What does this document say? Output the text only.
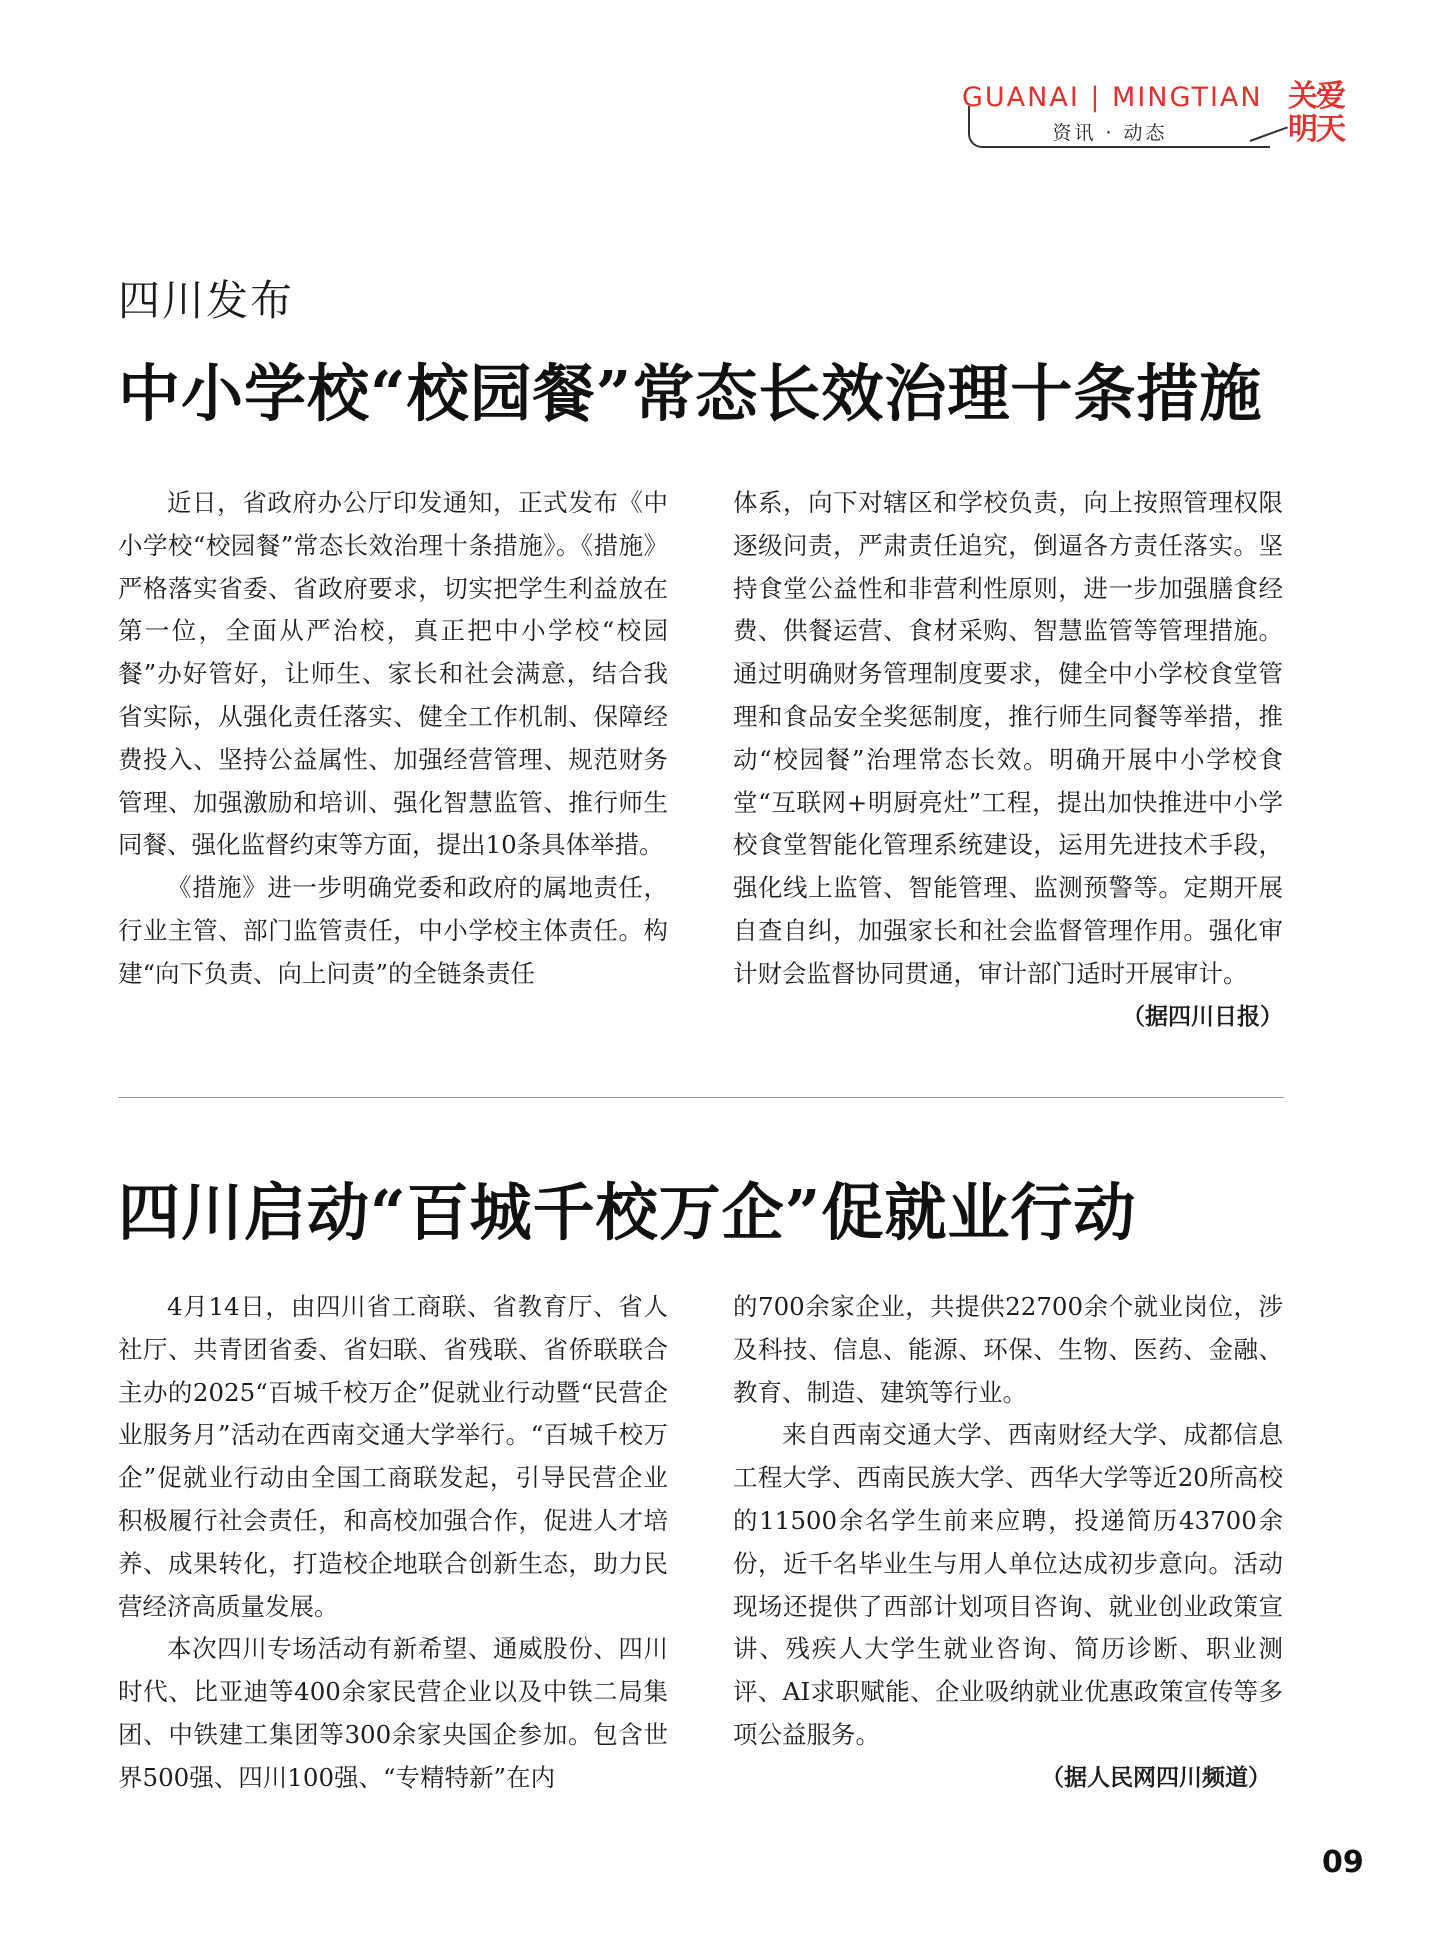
GUANAI | MINGTIAN
资讯 · 动态
关爱明天
四川发布
中小学校“校园餐”常态长效治理十条措施

近日，省政府办公厅印发通知，正式发布《中小学校“校园餐”常态长效治理十条措施》。《措施》严格落实省委、省政府要求，切实把学生利益放在第一位，全面从严治校，真正把中小学校“校园餐”办好管好，让师生、家长和社会满意，结合我省实际，从强化责任落实、健全工作机制、保障经费投入、坚持公益属性、加强经营管理、规范财务管理、加强激励和培训、强化智慧监管、推行师生同餐、强化监督约束等方面，提出10条具体举措。

《措施》进一步明确党委和政府的属地责任，行业主管、部门监管责任，中小学校主体责任。构建“向下负责、向上问责”的全链条责任

体系，向下对辖区和学校负责，向上按照管理权限逐级问责，严肃责任追究，倒逼各方责任落实。坚持食堂公益性和非营利性原则，进一步加强膳食经费、供餐运营、食材采购、智慧监管等管理措施。通过明确财务管理制度要求，健全中小学校食堂管理和食品安全奖惩制度，推行师生同餐等举措，推动“校园餐”治理常态长效。明确开展中小学校食堂“互联网+明厨亮灶”工程，提出加快推进中小学校食堂智能化管理系统建设，运用先进技术手段，强化线上监管、智能管理、监测预警等。定期开展自查自纠，加强家长和社会监督管理作用。强化审计财会监督协同贯通，审计部门适时开展审计。
（据四川日报）

四川启动“百城千校万企”促就业行动

4月14日，由四川省工商联、省教育厅、省人社厅、共青团省委、省妇联、省残联、省侨联联合主办的2025“百城千校万企”促就业行动暨“民营企业服务月”活动在西南交通大学举行。“百城千校万企”促就业行动由全国工商联发起，引导民营企业积极履行社会责任，和高校加强合作，促进人才培养、成果转化，打造校企地联合创新生态，助力民营经济高质量发展。

本次四川专场活动有新希望、通威股份、四川时代、比亚迪等400余家民营企业以及中铁二局集团、中铁建工集团等300余家央国企参加。包含世界500强、四川100强、“专精特新”在内

的700余家企业，共提供22700余个就业岗位，涉及科技、信息、能源、环保、生物、医药、金融、教育、制造、建筑等行业。

来自西南交通大学、西南财经大学、成都信息工程大学、西南民族大学、西华大学等近20所高校的11500余名学生前来应聘，投递简历43700余份，近千名毕业生与用人单位达成初步意向。活动现场还提供了西部计划项目咨询、就业创业政策宣讲、残疾人大学生就业咨询、简历诊断、职业测评、AI求职赋能、企业吸纳就业优惠政策宣传等多项公益服务。

（据人民网四川频道）
09
